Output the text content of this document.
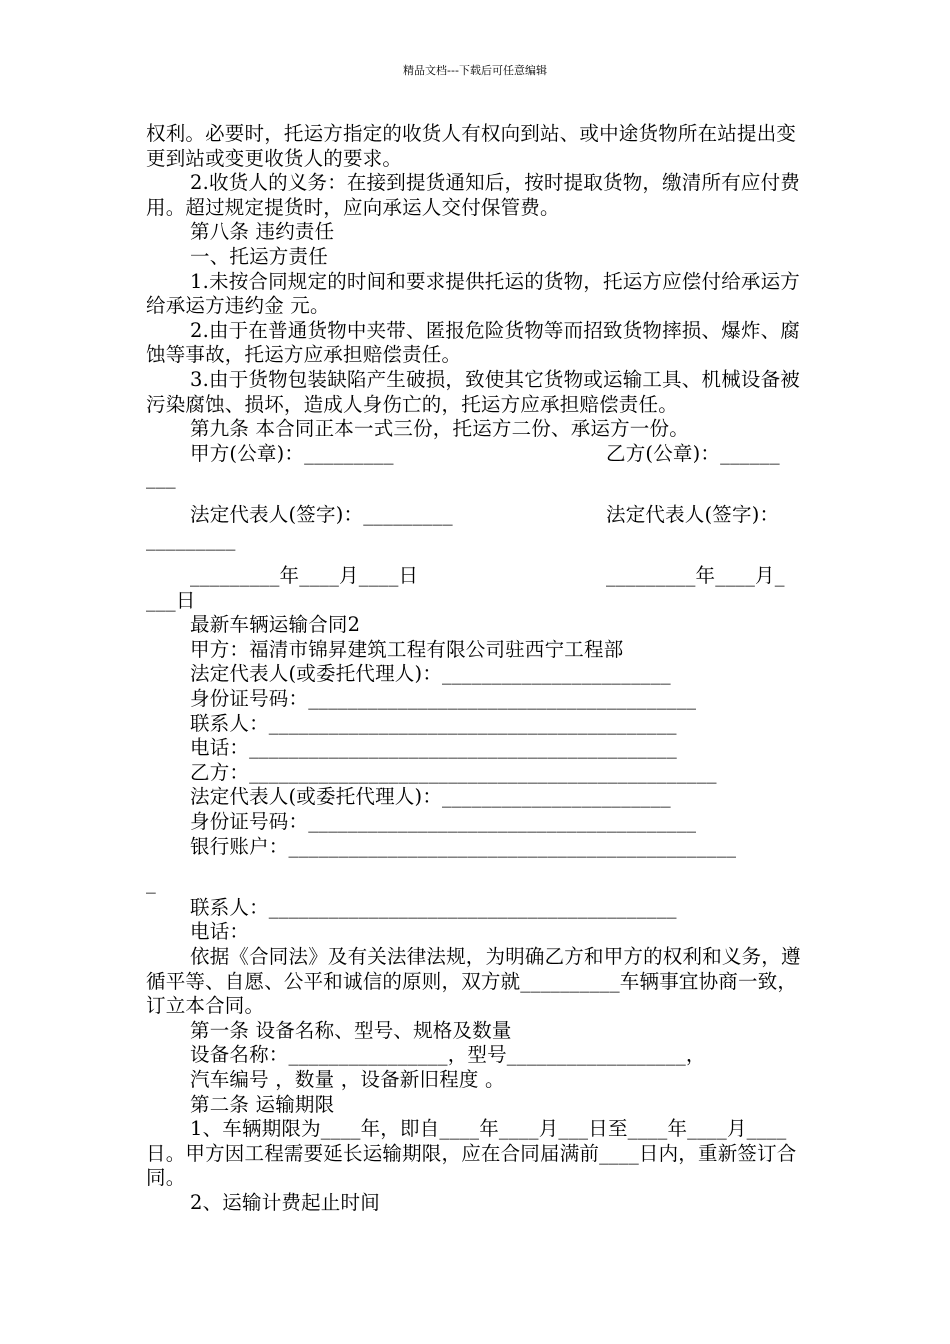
精品文档---下载后可任意编辑

权利。必要时，托运方指定的收货人有权向到站、或中途货物所在站提出变更到站或变更收货人的要求。

2.收货人的义务：在接到提货通知后，按时提取货物，缴清所有应付费用。超过规定提货时，应向承运人交付保管费。

第八条 违约责任

一、托运方责任

1.未按合同规定的时间和要求提供托运的货物，托运方应偿付给承运方给承运方违约金 元。

2.由于在普通货物中夹带、匿报危险货物等而招致货物摔损、爆炸、腐蚀等事故，托运方应承担赔偿责任。

3.由于货物包装缺陷产生破损，致使其它货物或运输工具、机械设备被污染腐蚀、损坏，造成人身伤亡的，托运方应承担赔偿责任。

第九条 本合同正本一式三份，托运方二份、承运方一份。

甲方(公章)：_________

	乙方(公章)：______

___

法定代表人(签字)：_________

	法定代表人(签字)：

_________

_________年____月____日

	_________年____月_

___日

最新车辆运输合同2

甲方：福清市锦昇建筑工程有限公司驻西宁工程部

法定代表人(或委托代理人)：_______________________

身份证号码：_______________________________________

联系人：_________________________________________

电话：___________________________________________

乙方：_______________________________________________

法定代表人(或委托代理人)：_______________________

身份证号码：_______________________________________

银行账户：_____________________________________________

_

联系人：_________________________________________

电话：

依据《合同法》及有关法律法规，为明确乙方和甲方的权利和义务，遵循平等、自愿、公平和诚信的原则，双方就__________车辆事宜协商一致，订立本合同。

第一条 设备名称、型号、规格及数量

设备名称：________________，型号__________________，

汽车编号 ，数量 ，设备新旧程度 。

第二条 运输期限

1、车辆期限为____年，即自____年____月___日至____年____月____日。甲方因工程需要延长运输期限，应在合同届满前____日内，重新签订合同。

2、运输计费起止时间
